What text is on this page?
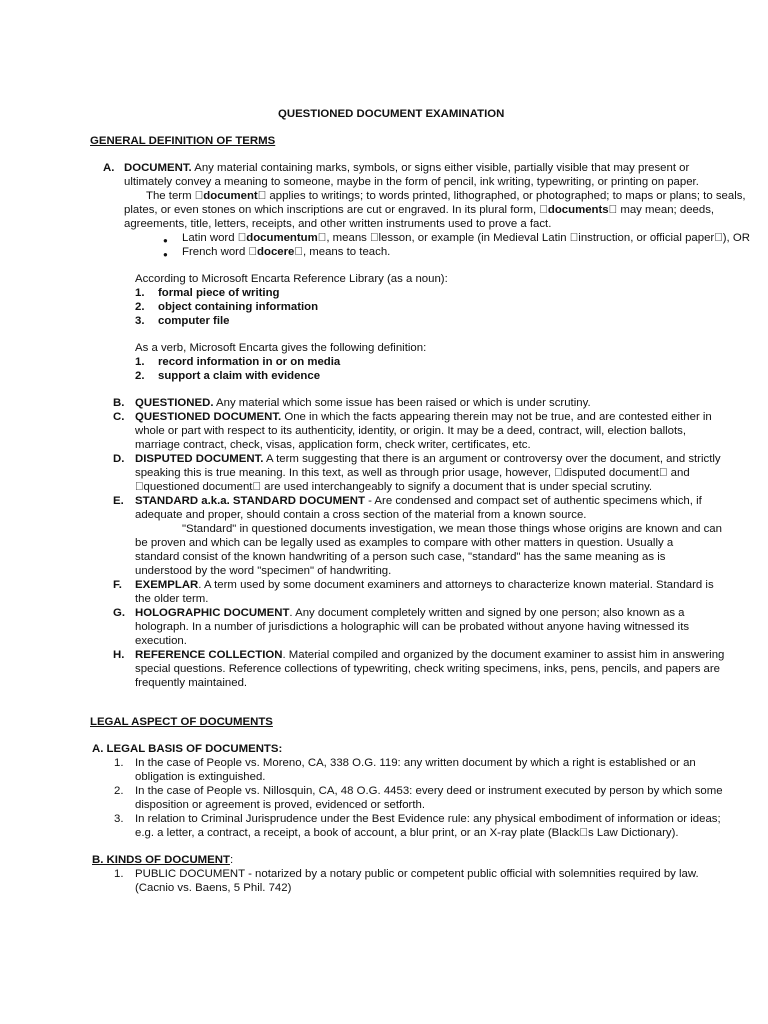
QUESTIONED DOCUMENT EXAMINATION
GENERAL DEFINITION OF TERMS
A. DOCUMENT. Any material containing marks, symbols, or signs either visible, partially visible that may present or
ultimately convey a meaning to someone, maybe in the form of pencil, ink writing, typewriting, or printing on paper.
The term  document  applies to writings; to words printed, lithographed, or photographed; to maps or plans; to seals,
plates, or even stones on which inscriptions are cut or engraved. In its plural form,  documents  may mean; deeds,
agreements, title, letters, receipts, and other written instruments used to prove a fact.
● Latin word  documentum , means  lesson, or example (in Medieval Latin  instruction, or official paper ), OR
● French word  docere , means to teach.
According to Microsoft Encarta Reference Library (as a noun):
1. formal piece of writing
2. object containing information
3. computer file
As a verb, Microsoft Encarta gives the following definition:
1. record information in or on media
2. support a claim with evidence
B. QUESTIONED. Any material which some issue has been raised or which is under scrutiny.
C. QUESTIONED DOCUMENT. One in which the facts appearing therein may not be true, and are contested either in
whole or part with respect to its authenticity, identity, or origin. It may be a deed, contract, will, election ballots,
marriage contract, check, visas, application form, check writer, certificates, etc.
D. DISPUTED DOCUMENT. A term suggesting that there is an argument or controversy over the document, and strictly
speaking this is true meaning. In this text, as well as through prior usage, however,  disputed document  and
 questioned document  are used interchangeably to signify a document that is under special scrutiny.
E. STANDARD a.k.a. STANDARD DOCUMENT - Are condensed and compact set of authentic specimens which, if
adequate and proper, should contain a cross section of the material from a known source.
"Standard" in questioned documents investigation, we mean those things whose origins are known and can
be proven and which can be legally used as examples to compare with other matters in question. Usually a
standard consist of the known handwriting of a person such case, "standard" has the same meaning as is
understood by the word "specimen" of handwriting.
F. EXEMPLAR. A term used by some document examiners and attorneys to characterize known material. Standard is
the older term.
G. HOLOGRAPHIC DOCUMENT. Any document completely written and signed by one person; also known as a
holograph. In a number of jurisdictions a holographic will can be probated without anyone having witnessed its
execution.
H. REFERENCE COLLECTION. Material compiled and organized by the document examiner to assist him in answering
special questions. Reference collections of typewriting, check writing specimens, inks, pens, pencils, and papers are
frequently maintained.
LEGAL ASPECT OF DOCUMENTS
A. LEGAL BASIS OF DOCUMENTS:
1. In the case of People vs. Moreno, CA, 338 O.G. 119: any written document by which a right is established or an
obligation is extinguished.
2. In the case of People vs. Nillosquin, CA, 48 O.G. 4453: every deed or instrument executed by person by which some
disposition or agreement is proved, evidenced or setforth.
3. In relation to Criminal Jurisprudence under the Best Evidence rule: any physical embodiment of information or ideas;
e.g. a letter, a contract, a receipt, a book of account, a blur print, or an X-ray plate (Black s Law Dictionary).
B. KINDS OF DOCUMENT:
1. PUBLIC DOCUMENT - notarized by a notary public or competent public official with solemnities required by law.
(Cacnio vs. Baens, 5 Phil. 742)
